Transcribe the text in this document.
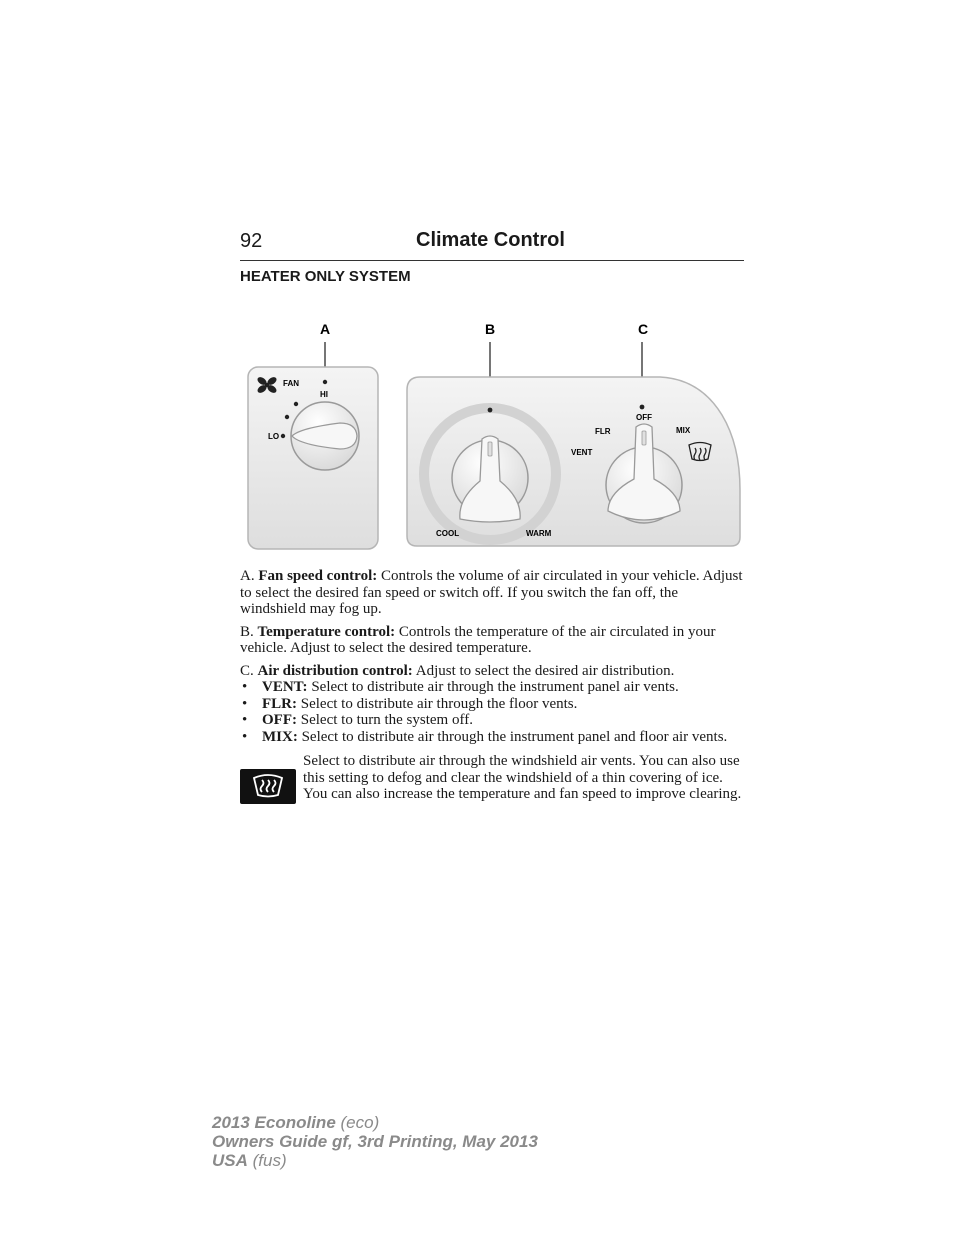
92	Climate Control
HEATER ONLY SYSTEM
A	B	C
FAN
HI
LO
COOL	WARM
OFF
FLR
VENT
MIX

A. Fan speed control: Controls the volume of air circulated in your vehicle. Adjust to select the desired fan speed or switch off. If you switch the fan off, the windshield may fog up.

B. Temperature control: Controls the temperature of the air circulated in your vehicle. Adjust to select the desired temperature.

C. Air distribution control: Adjust to select the desired air distribution.

• VENT: Select to distribute air through the instrument panel air vents.
• FLR: Select to distribute air through the floor vents.
• OFF: Select to turn the system off.
• MIX: Select to distribute air through the instrument panel and floor air vents.
Select to distribute air through the windshield air vents. You can also use this setting to defog and clear the windshield of a thin covering of ice. You can also increase the temperature and fan speed to improve clearing.
2013 Econoline (eco)
Owners Guide gf, 3rd Printing, May 2013
USA (fus)
